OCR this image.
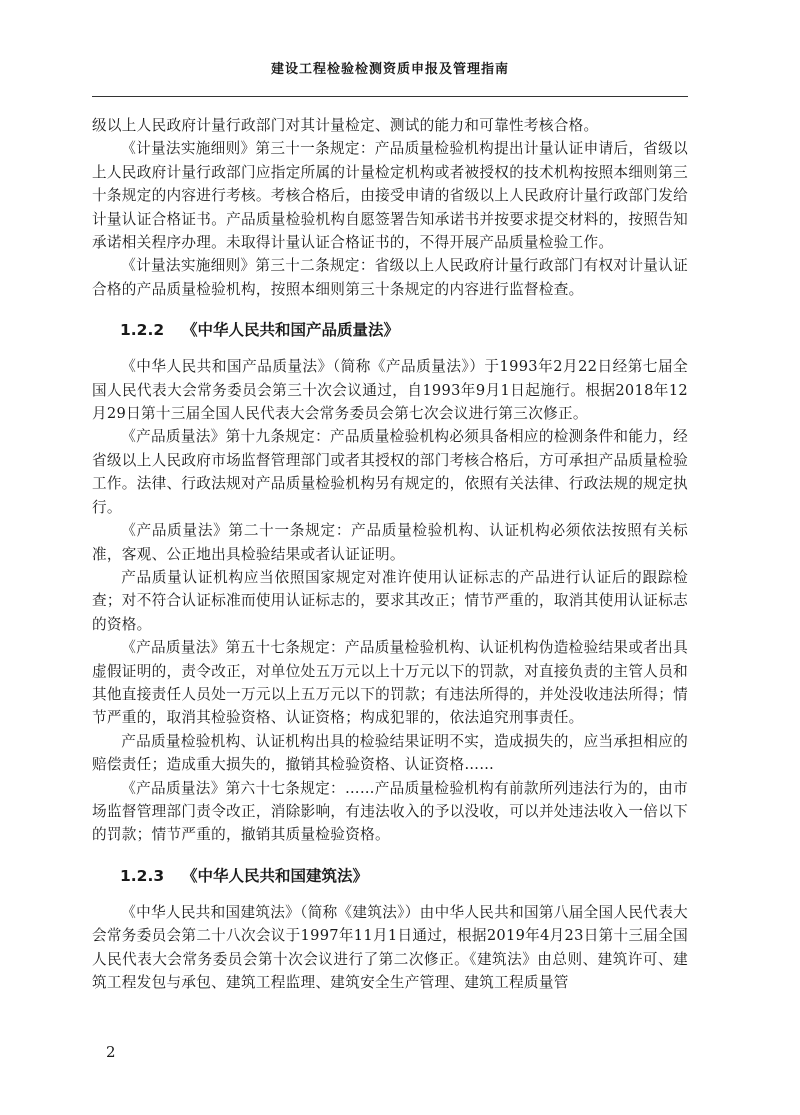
建设工程检验检测资质申报及管理指南

级以上人民政府计量行政部门对其计量检定、测试的能力和可靠性考核合格。

《计量法实施细则》第三十一条规定：产品质量检验机构提出计量认证申请后，省级以上人民政府计量行政部门应指定所属的计量检定机构或者被授权的技术机构按照本细则第三十条规定的内容进行考核。考核合格后，由接受申请的省级以上人民政府计量行政部门发给计量认证合格证书。产品质量检验机构自愿签署告知承诺书并按要求提交材料的，按照告知承诺相关程序办理。未取得计量认证合格证书的，不得开展产品质量检验工作。

《计量法实施细则》第三十二条规定：省级以上人民政府计量行政部门有权对计量认证合格的产品质量检验机构，按照本细则第三十条规定的内容进行监督检查。

1.2.2 《中华人民共和国产品质量法》

《中华人民共和国产品质量法》（简称《产品质量法》）于1993年2月22日经第七届全国人民代表大会常务委员会第三十次会议通过，自1993年9月1日起施行。根据2018年12月29日第十三届全国人民代表大会常务委员会第七次会议进行第三次修正。

《产品质量法》第十九条规定：产品质量检验机构必须具备相应的检测条件和能力，经省级以上人民政府市场监督管理部门或者其授权的部门考核合格后，方可承担产品质量检验工作。法律、行政法规对产品质量检验机构另有规定的，依照有关法律、行政法规的规定执行。

《产品质量法》第二十一条规定：产品质量检验机构、认证机构必须依法按照有关标准，客观、公正地出具检验结果或者认证证明。

产品质量认证机构应当依照国家规定对准许使用认证标志的产品进行认证后的跟踪检查；对不符合认证标准而使用认证标志的，要求其改正；情节严重的，取消其使用认证标志的资格。

《产品质量法》第五十七条规定：产品质量检验机构、认证机构伪造检验结果或者出具虚假证明的，责令改正，对单位处五万元以上十万元以下的罚款，对直接负责的主管人员和其他直接责任人员处一万元以上五万元以下的罚款；有违法所得的，并处没收违法所得；情节严重的，取消其检验资格、认证资格；构成犯罪的，依法追究刑事责任。

产品质量检验机构、认证机构出具的检验结果证明不实，造成损失的，应当承担相应的赔偿责任；造成重大损失的，撤销其检验资格、认证资格……

《产品质量法》第六十七条规定：……产品质量检验机构有前款所列违法行为的，由市场监督管理部门责令改正，消除影响，有违法收入的予以没收，可以并处违法收入一倍以下的罚款；情节严重的，撤销其质量检验资格。

1.2.3 《中华人民共和国建筑法》

《中华人民共和国建筑法》（简称《建筑法》）由中华人民共和国第八届全国人民代表大会常务委员会第二十八次会议于1997年11月1日通过，根据2019年4月23日第十三届全国人民代表大会常务委员会第十次会议进行了第二次修正。《建筑法》由总则、建筑许可、建筑工程发包与承包、建筑工程监理、建筑安全生产管理、建筑工程质量管

2
